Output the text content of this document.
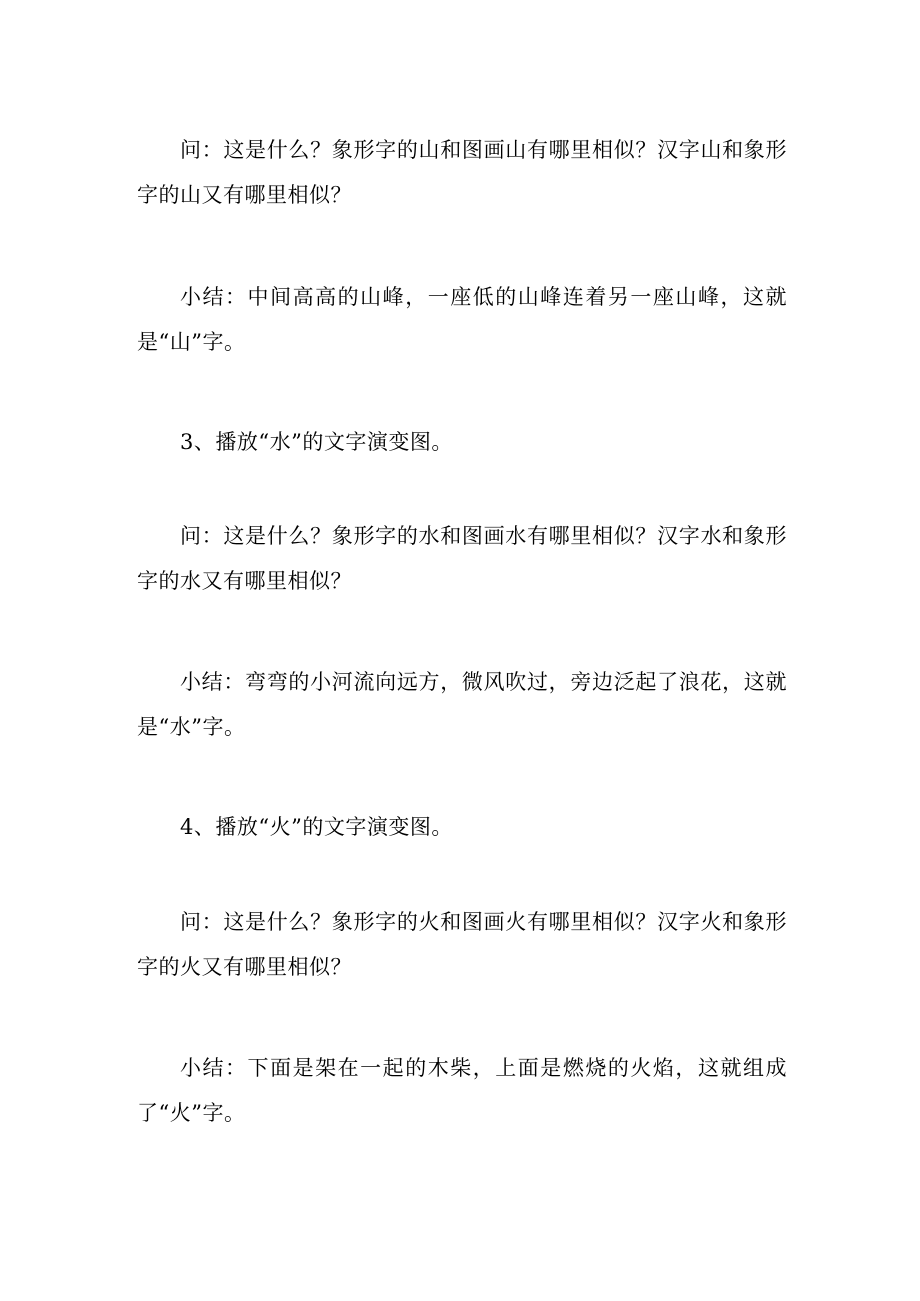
问：这是什么？象形字的山和图画山有哪里相似？汉字山和象形字的山又有哪里相似？

小结：中间高高的山峰，一座低的山峰连着另一座山峰，这就是“山”字。

3、播放“水”的文字演变图。

问：这是什么？象形字的水和图画水有哪里相似？汉字水和象形字的水又有哪里相似？

小结：弯弯的小河流向远方，微风吹过，旁边泛起了浪花，这就是“水”字。

4、播放“火”的文字演变图。

问：这是什么？象形字的火和图画火有哪里相似？汉字火和象形字的火又有哪里相似？

小结：下面是架在一起的木柴，上面是燃烧的火焰，这就组成了“火”字。
